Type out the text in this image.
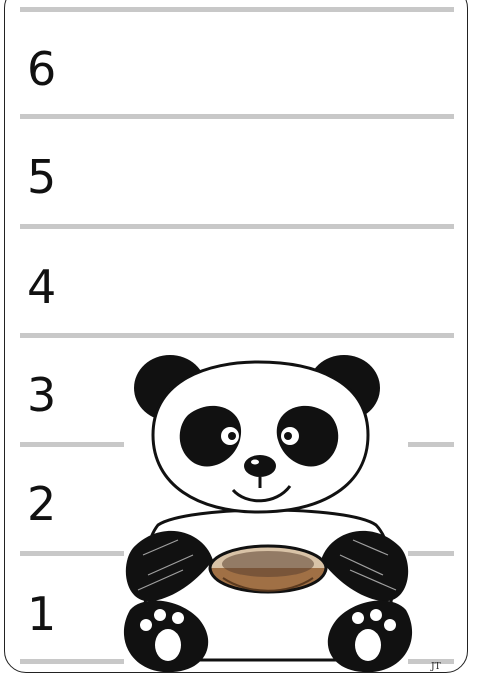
6
5
4
3
2
1
JT
